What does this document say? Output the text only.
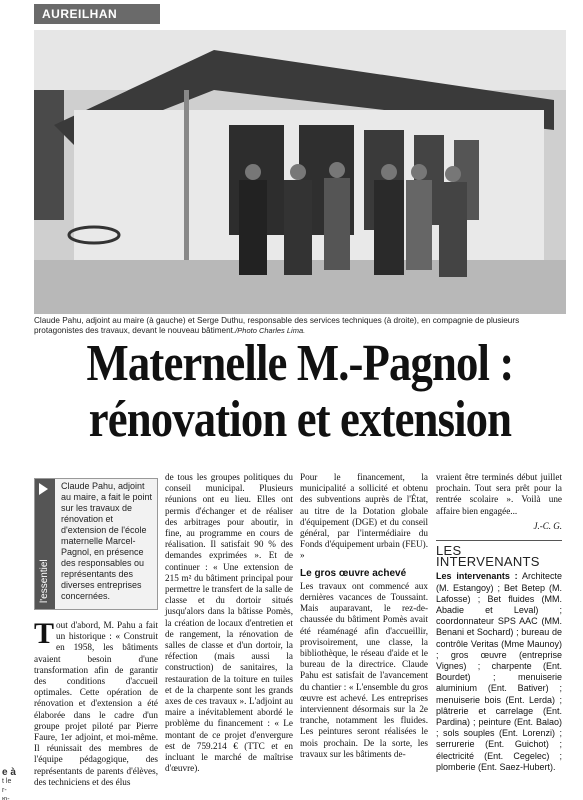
AUREILHAN
Claude Pahu, adjoint au maire (à gauche) et Serge Duthu, responsable des services techniques (à droite), en compagnie de plusieurs protagonistes des travaux, devant le nouveau bâtiment./Photo Charles Lima.
Maternelle M.-Pagnol :
rénovation et extension
l'essentiel

Claude Pahu, adjoint au maire, a fait le point sur les travaux de rénovation et d'extension de l'école maternelle Marcel-Pagnol, en présence des responsables ou représentants des diverses entreprises concernées.

Tout d'abord, M. Pahu a fait un historique : « Construit en 1958, les bâtiments avaient besoin d'une transformation afin de garantir des conditions d'accueil optimales. Cette opération de rénovation et d'extension a été élaborée dans le cadre d'un groupe projet piloté par Pierre Faure, 1er adjoint, et moi-même. Il réunissait des membres de l'équipe pédagogique, des représentants de parents d'élèves, des techniciens et des élus
de tous les groupes politiques du conseil municipal. Plusieurs réunions ont eu lieu. Elles ont permis d'échanger et de réaliser des arbitrages pour aboutir, in fine, au programme en cours de réalisation. Il satisfait 90 % des demandes exprimées ». Et de continuer : « Une extension de 215 m² du bâtiment principal pour permettre le transfert de la salle de classe et du dortoir situés jusqu'alors dans la bâtisse Pomès, la création de locaux d'entretien et de rangement, la rénovation de salles de classe et d'un dortoir, la réfection (mais aussi la construction) de sanitaires, la restauration de la toiture en tuiles et de la charpente sont les grands axes de ces travaux ». L'adjoint au maire a inévitablement abordé le problème du financement : « Le montant de ce projet d'envergure est de 759.214 € (TTC et en incluant le marché de maîtrise d'œuvre).
Pour le financement, la municipalité a sollicité et obtenu des subventions auprès de l'État, au titre de la Dotation globale d'équipement (DGE) et du conseil général, par l'intermédiaire du Fonds d'équipement urbain (FEU). »
Le gros œuvre achevé
Les travaux ont commencé aux dernières vacances de Toussaint. Mais auparavant, le rez-de-chaussée du bâtiment Pomès avait été réaménagé afin d'accueillir, provisoirement, une classe, la bibliothèque, le réseau d'aide et le bureau de la directrice. Claude Pahu est satisfait de l'avancement du chantier : « L'ensemble du gros œuvre est achevé. Les entreprises interviennent désormais sur la 2e tranche, notamment les fluides. Les peintures seront réalisées le mois prochain. De la sorte, les travaux sur les bâtiments de-
vraient être terminés début juillet prochain. Tout sera prêt pour la rentrée scolaire ». Voilà une affaire bien engagée...
J.-C. G.
LES INTERVENANTS
Les intervenants : Architecte (M. Estangoy) ; Bet Betep (M. Lafosse) ; Bet fluides (MM. Abadie et Leval) ; coordonnateur SPS AAC (MM. Benani et Sochard) ; bureau de contrôle Veritas (Mme Maunoy) ; gros œuvre (entreprise Vignes) ; charpente (Ent. Bourdet) ; menuiserie aluminium (Ent. Bativer) ; menuiserie bois (Ent. Lerda) ; plâtrerie et carrelage (Ent. Pardina) ; peinture (Ent. Balao) ; sols souples (Ent. Lorenzi) ; serrurerie (Ent. Guichot) ; électricité (Ent. Cegelec) ; plomberie (Ent. Saez-Hubert).
e à
t le
r-
ю-
